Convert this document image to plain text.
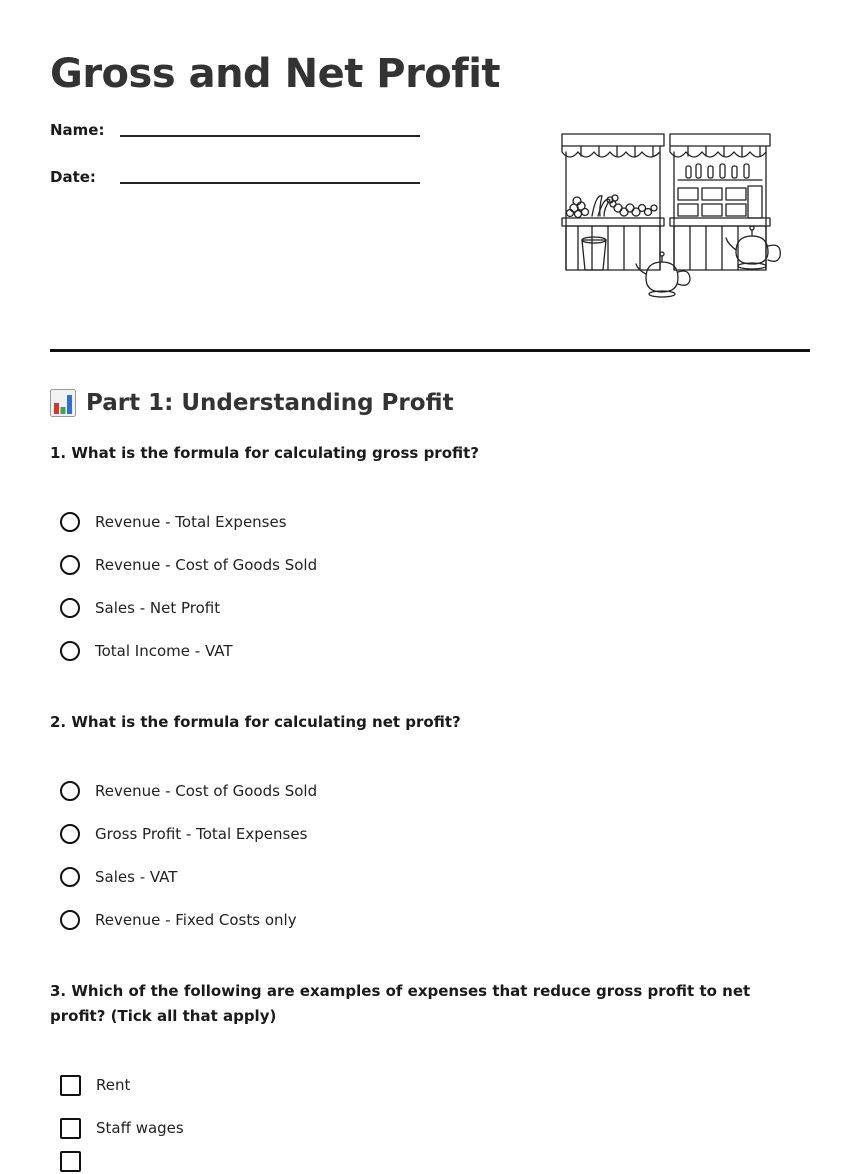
Gross and Net Profit
Name:
Date:
Part 1: Understanding Profit

1. What is the formula for calculating gross profit?

Revenue - Total Expenses
Revenue - Cost of Goods Sold
Sales - Net Profit
Total Income - VAT

2. What is the formula for calculating net profit?

Revenue - Cost of Goods Sold
Gross Profit - Total Expenses
Sales - VAT
Revenue - Fixed Costs only

3. Which of the following are examples of expenses that reduce gross profit to net profit? (Tick all that apply)

Rent
Staff wages
